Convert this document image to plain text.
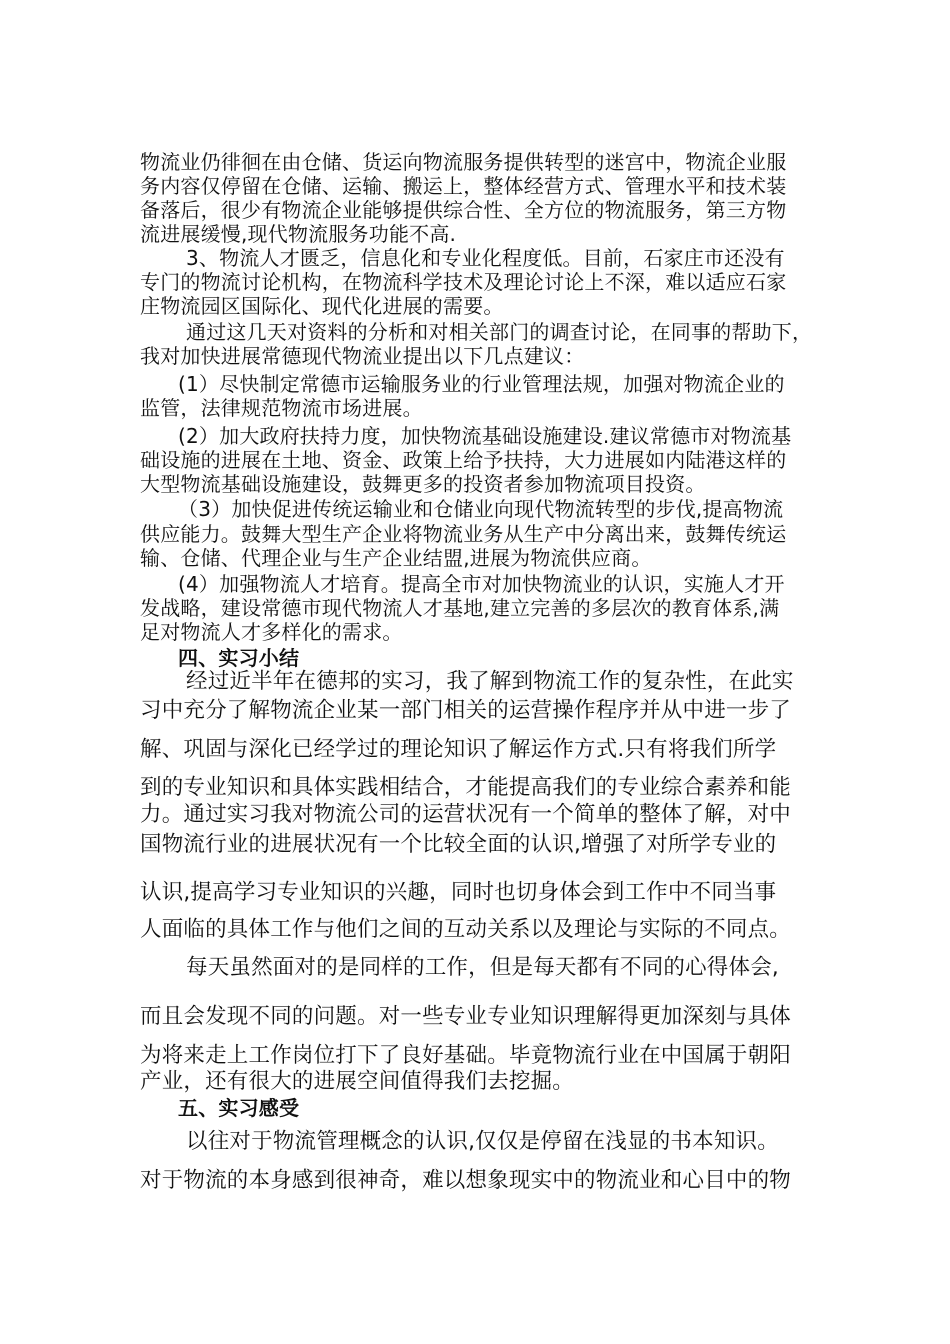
物流业仍徘徊在由仓储、货运向物流服务提供转型的迷宫中，物流企业服
务内容仅停留在仓储、运输、搬运上，整体经营方式、管理水平和技术装
备落后，很少有物流企业能够提供综合性、全方位的物流服务，第三方物
流进展缓慢,现代物流服务功能不高.
3、物流人才匮乏，信息化和专业化程度低。目前，石家庄市还没有
专门的物流讨论机构，在物流科学技术及理论讨论上不深，难以适应石家
庄物流园区国际化、现代化进展的需要。
通过这几天对资料的分析和对相关部门的调查讨论，在同事的帮助下，
我对加快进展常德现代物流业提出以下几点建议：
(1）尽快制定常德市运输服务业的行业管理法规，加强对物流企业的
监管，法律规范物流市场进展。
(2）加大政府扶持力度，加快物流基础设施建设.建议常德市对物流基
础设施的进展在土地、资金、政策上给予扶持，大力进展如内陆港这样的
大型物流基础设施建设，鼓舞更多的投资者参加物流项目投资。
（3）加快促进传统运输业和仓储业向现代物流转型的步伐,提高物流
供应能力。鼓舞大型生产企业将物流业务从生产中分离出来，鼓舞传统运
输、仓储、代理企业与生产企业结盟,进展为物流供应商。
(4）加强物流人才培育。提高全市对加快物流业的认识，实施人才开
发战略，建设常德市现代物流人才基地,建立完善的多层次的教育体系,满
足对物流人才多样化的需求。
四、实习小结
经过近半年在德邦的实习，我了解到物流工作的复杂性，在此实
习中充分了解物流企业某一部门相关的运营操作程序并从中进一步了
解、巩固与深化已经学过的理论知识了解运作方式.只有将我们所学
到的专业知识和具体实践相结合，才能提高我们的专业综合素养和能
力。通过实习我对物流公司的运营状况有一个简单的整体了解，对中
国物流行业的进展状况有一个比较全面的认识,增强了对所学专业的
认识,提高学习专业知识的兴趣，同时也切身体会到工作中不同当事
人面临的具体工作与他们之间的互动关系以及理论与实际的不同点。
每天虽然面对的是同样的工作，但是每天都有不同的心得体会,
而且会发现不同的问题。对一些专业专业知识理解得更加深刻与具体
为将来走上工作岗位打下了良好基础。毕竟物流行业在中国属于朝阳
产业，还有很大的进展空间值得我们去挖掘。
五、实习感受
以往对于物流管理概念的认识,仅仅是停留在浅显的书本知识。
对于物流的本身感到很神奇，难以想象现实中的物流业和心目中的物
